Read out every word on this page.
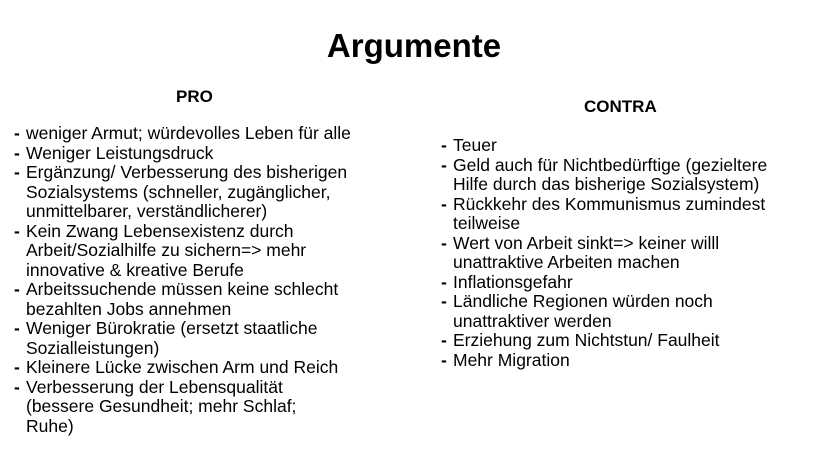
Argumente
PRO
CONTRA
- weniger Armut; würdevolles Leben für alle
- Weniger Leistungsdruck
- Ergänzung/ Verbesserung des bisherigen Sozialsystems (schneller, zugänglicher, unmittelbarer, verständlicherer)
- Kein Zwang Lebensexistenz durch Arbeit/Sozialhilfe zu sichern=> mehr innovative & kreative Berufe
- Arbeitssuchende müssen keine schlecht bezahlten Jobs annehmen
- Weniger Bürokratie (ersetzt staatliche Sozialleistungen)
- Kleinere Lücke zwischen Arm und Reich
- Verbesserung der Lebensqualität (bessere Gesundheit; mehr Schlaf; Ruhe)
- Teuer
- Geld auch für Nichtbedürftige (gezieltere Hilfe durch das bisherige Sozialsystem)
- Rückkehr des Kommunismus zumindest teilweise
- Wert von Arbeit sinkt=> keiner willl unattraktive Arbeiten machen
- Inflationsgefahr
- Ländliche Regionen würden noch unattraktiver werden
- Erziehung zum Nichtstun/ Faulheit
- Mehr Migration
